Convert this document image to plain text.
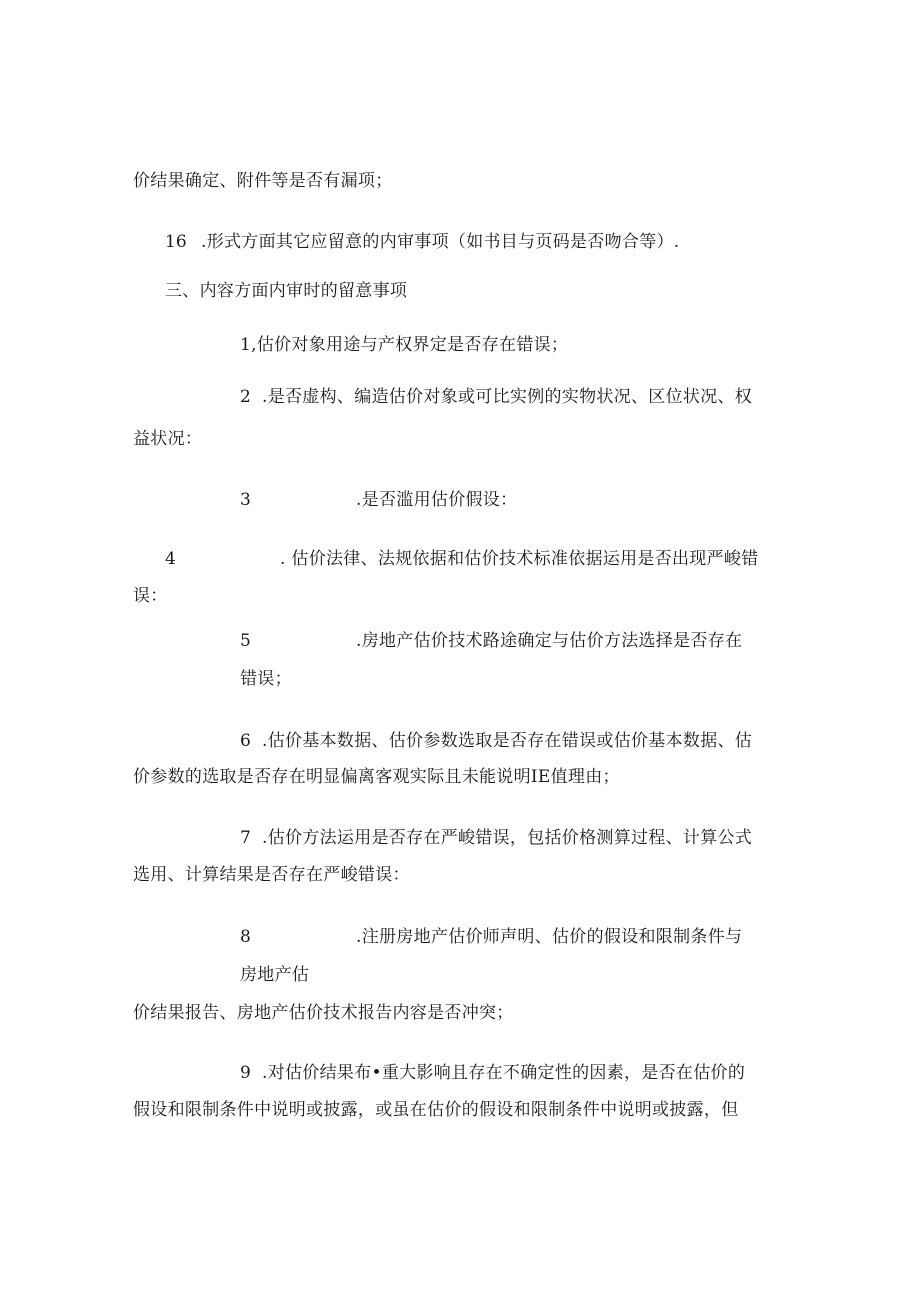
价结果确定、附件等是否有漏项；
16 .形式方面其它应留意的内审事项（如书目与页码是否吻合等）.
三、内容方面内审时的留意事项
1,估价对象用途与产权界定是否存在错误；
2 .是否虚构、编造估价对象或可比实例的实物状况、区位状况、权
益状况：
3	.是否滥用估价假设：
4	. 估价法律、法规依据和估价技术标准依据运用是否出现严峻错
误：
5	.房地产估价技术路途确定与估价方法选择是否存在
错误；
6 .估价基本数据、估价参数选取是否存在错误或估价基本数据、估
价参数的选取是否存在明显偏离客观实际且未能说明IE值理由；
7 .估价方法运用是否存在严峻错误，包括价格测算过程、计算公式
选用、计算结果是否存在严峻错误：
8	.注册房地产估价师声明、估价的假设和限制条件与
房地产估
价结果报告、房地产估价技术报告内容是否冲突；
9 .对估价结果布•重大影响且存在不确定性的因素，是否在估价的
假设和限制条件中说明或披露，或虽在估价的假设和限制条件中说明或披露，但
